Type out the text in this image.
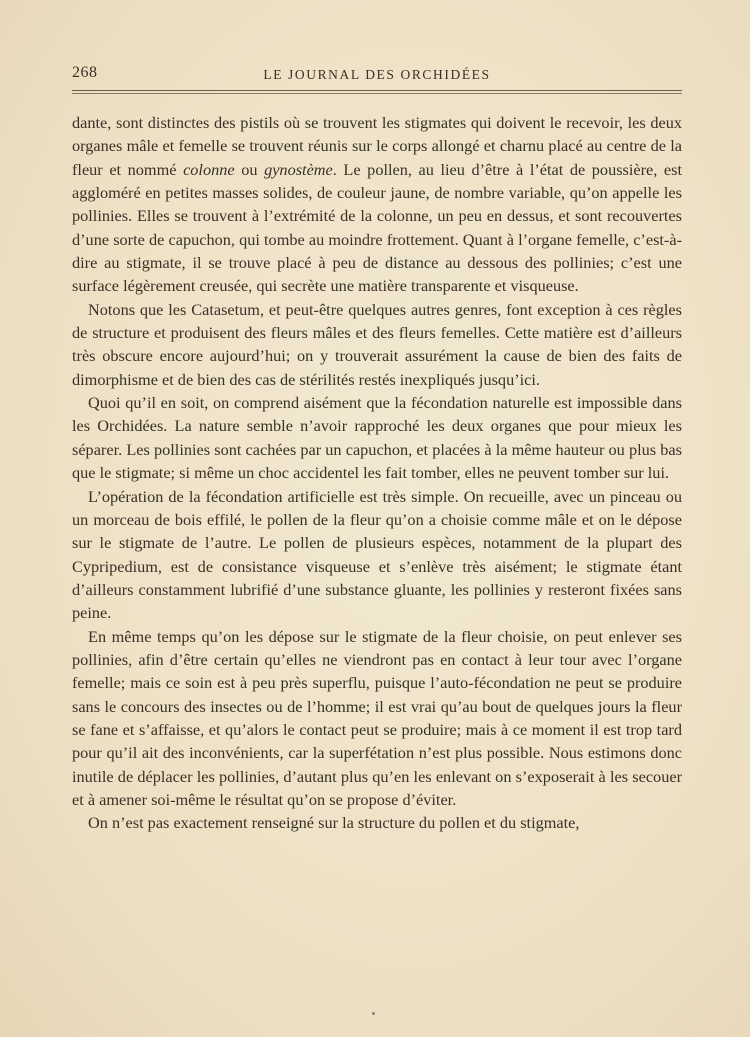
268	LE JOURNAL DES ORCHIDÉES

dante, sont distinctes des pistils où se trouvent les stigmates qui doivent le recevoir, les deux organes mâle et femelle se trouvent réunis sur le corps allongé et charnu placé au centre de la fleur et nommé colonne ou gynostème. Le pollen, au lieu d’être à l’état de poussière, est aggloméré en petites masses solides, de couleur jaune, de nombre variable, qu’on appelle les pollinies. Elles se trouvent à l’extrémité de la colonne, un peu en dessus, et sont recouvertes d’une sorte de capuchon, qui tombe au moindre frottement. Quant à l’organe femelle, c’est-à-dire au stigmate, il se trouve placé à peu de distance au dessous des pollinies; c’est une surface légèrement creusée, qui secrète une matière transparente et visqueuse.

Notons que les Catasetum, et peut-être quelques autres genres, font exception à ces règles de structure et produisent des fleurs mâles et des fleurs femelles. Cette matière est d’ailleurs très obscure encore aujourd’hui; on y trouverait assurément la cause de bien des faits de dimorphisme et de bien des cas de stérilités restés inexpliqués jusqu’ici.

Quoi qu’il en soit, on comprend aisément que la fécondation naturelle est impossible dans les Orchidées. La nature semble n’avoir rapproché les deux organes que pour mieux les séparer. Les pollinies sont cachées par un capuchon, et placées à la même hauteur ou plus bas que le stigmate; si même un choc accidentel les fait tomber, elles ne peuvent tomber sur lui.

L’opération de la fécondation artificielle est très simple. On recueille, avec un pinceau ou un morceau de bois effilé, le pollen de la fleur qu’on a choisie comme mâle et on le dépose sur le stigmate de l’autre. Le pollen de plusieurs espèces, notamment de la plupart des Cypripedium, est de consistance visqueuse et s’enlève très aisément; le stigmate étant d’ailleurs constamment lubrifié d’une substance gluante, les pollinies y resteront fixées sans peine.

En même temps qu’on les dépose sur le stigmate de la fleur choisie, on peut enlever ses pollinies, afin d’être certain qu’elles ne viendront pas en contact à leur tour avec l’organe femelle; mais ce soin est à peu près superflu, puisque l’auto-fécondation ne peut se produire sans le concours des insectes ou de l’homme; il est vrai qu’au bout de quelques jours la fleur se fane et s’affaisse, et qu’alors le contact peut se produire; mais à ce moment il est trop tard pour qu’il ait des inconvénients, car la superfétation n’est plus possible. Nous estimons donc inutile de déplacer les pollinies, d’autant plus qu’en les enlevant on s’exposerait à les secouer et à amener soi-même le résultat qu’on se propose d’éviter.

On n’est pas exactement renseigné sur la structure du pollen et du stigmate,
